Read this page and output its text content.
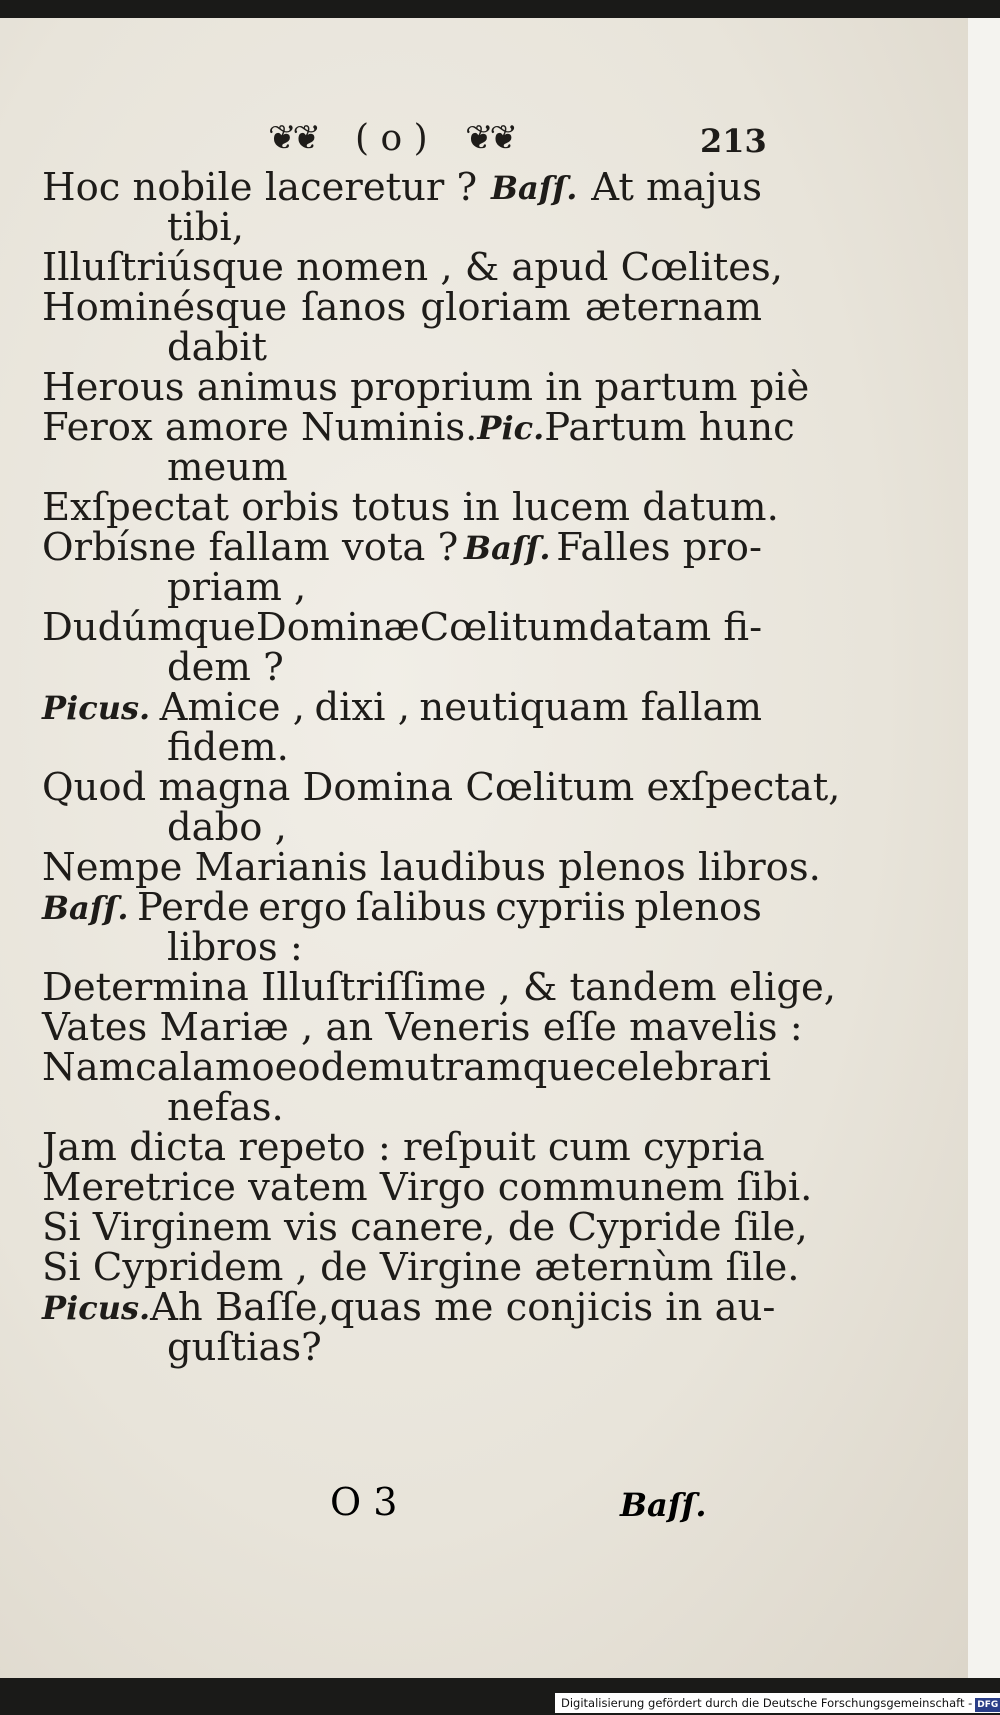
❦❦ ( o ) ❦❦	213
Hoc nobile laceretur ? Baſſ. At majus
tibi,
Illuſtriúsque nomen , & apud Cœlites,
Hominésque ſanos gloriam æternam
dabit
Herous animus proprium in partum piè
Ferox amore Numinis. Pic. Partum hunc
meum
Exſpectat orbis totus in lucem datum.
Orbísne fallam vota ? Baſſ. Falles pro-
priam ,
Dudúmque Dominæ Cœlitum datam fi-
dem ?
Picus. Amice , dixi , neutiquam fallam
fidem.
Quod magna Domina Cœlitum exſpectat,
dabo ,
Nempe Marianis laudibus plenos libros.
Baſſ. Perde ergo ſalibus cypriis plenos
libros :
Determina Illuſtriſſime , & tandem elige,
Vates Mariæ , an Veneris eſſe mavelis :
Nam calamo eodem utramque celebrari
nefas.
Jam dicta repeto : reſpuit cum cypria
Meretrice vatem Virgo communem ſibi.
Si Virginem vis canere, de Cypride ſile,
Si Cypridem , de Virgine æternùm ſile.
Picus. Ah Baſſe, quas me conjicis in au-
guſtias?
O 3	Baſſ.
Digitalisierung gefördert durch die Deutsche Forschungsgemeinschaft - DFG
